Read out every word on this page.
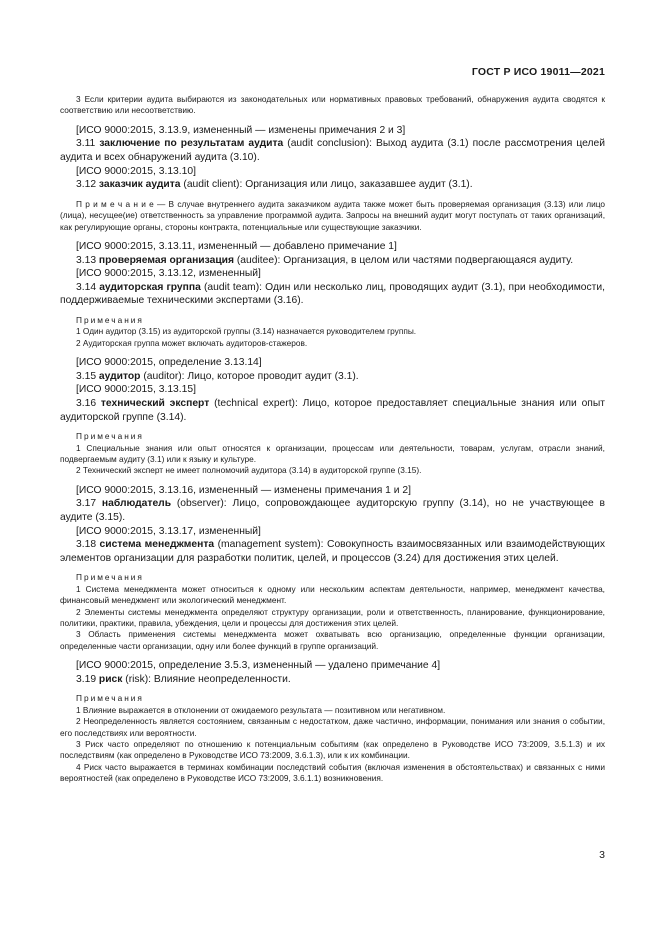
ГОСТ Р ИСО 19011—2021

3 Если критерии аудита выбираются из законодательных или нормативных правовых требований, обнаружения аудита сводятся к соответствию или несоответствию.

[ИСО 9000:2015, 3.13.9, измененный — изменены примечания 2 и 3]

3.11 заключение по результатам аудита (audit conclusion): Выход аудита (3.1) после рассмотрения целей аудита и всех обнаружений аудита (3.10).

[ИСО 9000:2015, 3.13.10]

3.12 заказчик аудита (audit client): Организация или лицо, заказавшее аудит (3.1).

П р и м е ч а н и е — В случае внутреннего аудита заказчиком аудита также может быть проверяемая организация (3.13) или лицо (лица), несущее(ие) ответственность за управление программой аудита. Запросы на внешний аудит могут поступать от таких организаций, как регулирующие органы, стороны контракта, потенциальные или существующие заказчики.

[ИСО 9000:2015, 3.13.11, измененный — добавлено примечание 1]

3.13 проверяемая организация (auditee): Организация, в целом или частями подвергающаяся аудиту.

[ИСО 9000:2015, 3.13.12, измененный]

3.14 аудиторская группа (audit team): Один или несколько лиц, проводящих аудит (3.1), при необходимости, поддерживаемые техническими экспертами (3.16).

Примечания

1 Один аудитор (3.15) из аудиторской группы (3.14) назначается руководителем группы.

2 Аудиторская группа может включать аудиторов-стажеров.

[ИСО 9000:2015, определение 3.13.14]

3.15 аудитор (auditor): Лицо, которое проводит аудит (3.1).

[ИСО 9000:2015, 3.13.15]

3.16 технический эксперт (technical expert): Лицо, которое предоставляет специальные знания или опыт аудиторской группе (3.14).

Примечания

1 Специальные знания или опыт относятся к организации, процессам или деятельности, товарам, услугам, отрасли знаний, подвергаемым аудиту (3.1) или к языку и культуре.

2 Технический эксперт не имеет полномочий аудитора (3.14) в аудиторской группе (3.15).

[ИСО 9000:2015, 3.13.16, измененный — изменены примечания 1 и 2]

3.17 наблюдатель (observer): Лицо, сопровождающее аудиторскую группу (3.14), но не участвующее в аудите (3.15).

[ИСО 9000:2015, 3.13.17, измененный]

3.18 система менеджмента (management system): Совокупность взаимосвязанных или взаимодействующих элементов организации для разработки политик, целей, и процессов (3.24) для достижения этих целей.

Примечания

1 Система менеджмента может относиться к одному или нескольким аспектам деятельности, например, менеджмент качества, финансовый менеджмент или экологический менеджмент.

2 Элементы системы менеджмента определяют структуру организации, роли и ответственность, планирование, функционирование, политики, практики, правила, убеждения, цели и процессы для достижения этих целей.

3 Область применения системы менеджмента может охватывать всю организацию, определенные функции организации, определенные части организации, одну или более функций в группе организаций.

[ИСО 9000:2015, определение 3.5.3, измененный — удалено примечание 4]

3.19 риск (risk): Влияние неопределенности.

Примечания

1 Влияние выражается в отклонении от ожидаемого результата — позитивном или негативном.

2 Неопределенность является состоянием, связанным с недостатком, даже частично, информации, понимания или знания о событии, его последствиях или вероятности.

3 Риск часто определяют по отношению к потенциальным событиям (как определено в Руководстве ИСО 73:2009, 3.5.1.3) и их последствиям (как определено в Руководстве ИСО 73:2009, 3.6.1.3), или к их комбинации.

4 Риск часто выражается в терминах комбинации последствий события (включая изменения в обстоятельствах) и связанных с ними вероятностей (как определено в Руководстве ИСО 73:2009, 3.6.1.1) возникновения.

3
